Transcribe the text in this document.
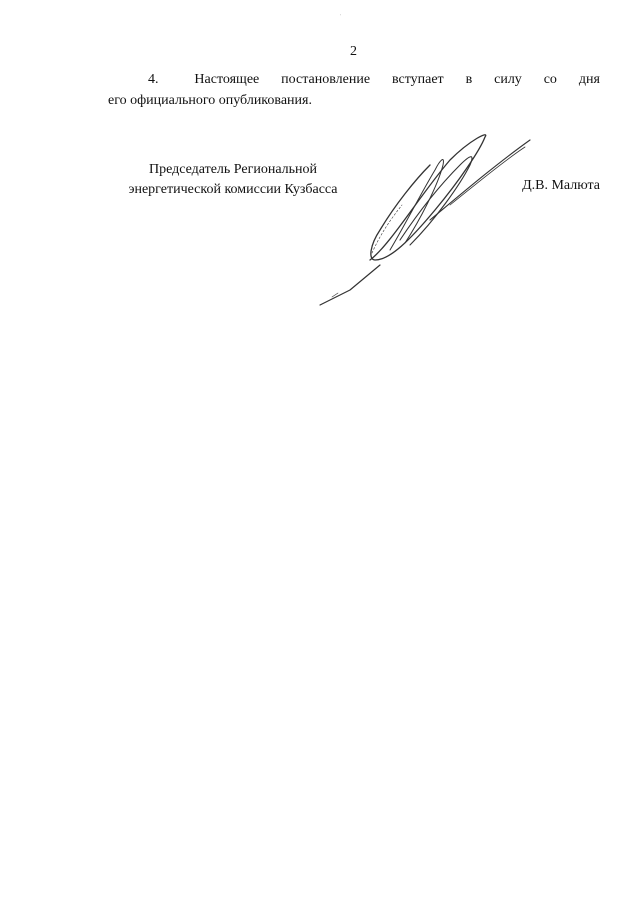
'
2
4.	Настоящее постановление вступает в силу со дня
его официального опубликования.
Председатель Региональной
энергетической комиссии Кузбасса	Д.В. Малюта
